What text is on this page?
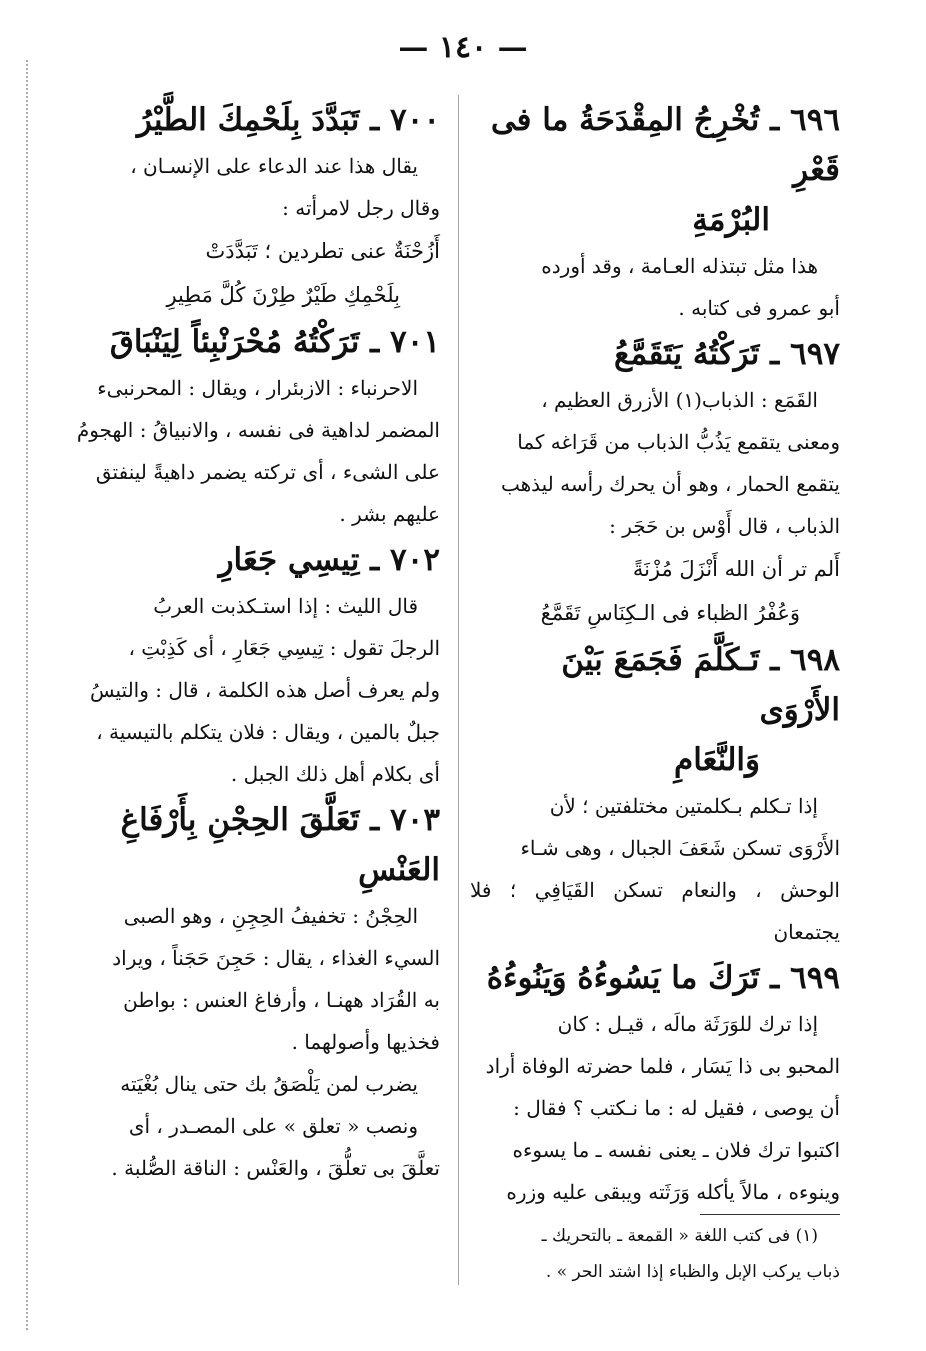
— ١٤٠ —

٦٩٦ ـ تُخْرِجُ المِقْدَحَةُ ما فى قَعْرِ

البُرْمَةِ

هذا مثل تبتذله العـامة ، وقد أورده

أبو عمرو فى كتابه .

٦٩٧ ـ تَرَكْتُهُ يَتَقَمَّعُ

القَمَع : الذباب(١) الأزرق العظيم ،

ومعنى يتقمع يَذُبُّ الذباب من قَرَاغه كما

يتقمع الحمار ، وهو أن يحرك رأسه ليذهب

الذباب ، قال أَوْس بن حَجَر :

أَلم تر أن الله أَنْزَلَ مُزْنَةً

وَعُفْرُ الظباء فى الـكِنَاسِ تَقَمَّعُ

٦٩٨ ـ تَـكَلَّمَ فَجَمَعَ بَيْنَ الأَرْوَى

وَالنَّعَامِ

إذا تـكلم بـكلمتين مختلفتين ؛ لأن

الأَرْوَى تسكن شَعَفَ الجبال ، وهى شـاء

الوحش ، والنعام تسكن القَيَافِي ؛ فلا يجتمعان

٦٩٩ ـ تَرَكَ ما يَسُوءُهُ وَيَنُوءُهُ

إذا ترك للوَرَثَة مالَه ، قيـل : كان

المحبو بى ذا يَسَار ، فلما حضرته الوفاة أراد

أن يوصى ، فقيل له : ما نـكتب ؟ فقال :

اكتبوا ترك فلان ـ يعنى نفسه ـ ما يسوءه

وينوءه ، مالاً يأكله وَرَثَته ويبقى عليه وزره

(١) فى كتب اللغة « القمعة ـ بالتحريك ـ
ذباب يركب الإبل والظباء إذا اشتد الحر » .

٧٠٠ ـ تَبَدَّدَ بِلَحْمِكَ الطَّيْرُ

يقال هذا عند الدعاء على الإنسـان ،

وقال رجل لامرأته :

أَزُحْنَةٌ عنى تطردين ؛ تَبَدَّدَتْ

بِلَحْمِكِ طَيْرٌ طِرْنَ كُلَّ مَطِيرِ

٧٠١ ـ تَرَكْتُهُ مُحْرَنْبِئاً لِيَنْبَاقَ

الاحرنباء : الازبئرار ، ويقال : المحرنبىء

المضمر لداهية فى نفسه ، والانبياقُ : الهجومُ

على الشىء ، أى تركته يضمر داهيةً لينفتق

عليهم بشر .

٧٠٢ ـ تِيسِي جَعَارِ

قال الليث : إذا استـكذبت العربُ

الرجلَ تقول : تِيسِي جَعَارِ ، أى كَذِبْتِ ،

ولم يعرف أصل هذه الكلمة ، قال : والتيسُ

جبلٌ بالمين ، ويقال : فلان يتكلم بالتيسية ،

أى بكلام أهل ذلك الجبل .

٧٠٣ ـ تَعَلَّقَ الحِجْنِ بِأَرْفَاغِ العَنْسِ

الحِجْنُ : تخفيفُ الحِجِنِ ، وهو الصبى

السيء الغذاء ، يقال : حَجِنَ حَجَناً ، ويراد

به القُرَاد ههنـا ، وأرفاغ العنس : بواطن

فخذيها وأصولهما .

يضرب لمن يَلْصَقُ بك حتى ينال بُغْيَته

ونصب « تعلق » على المصـدر ، أى

تعلَّقَ بى تعلُّقَ ، والعَنْس : الناقة الصُّلبة .
